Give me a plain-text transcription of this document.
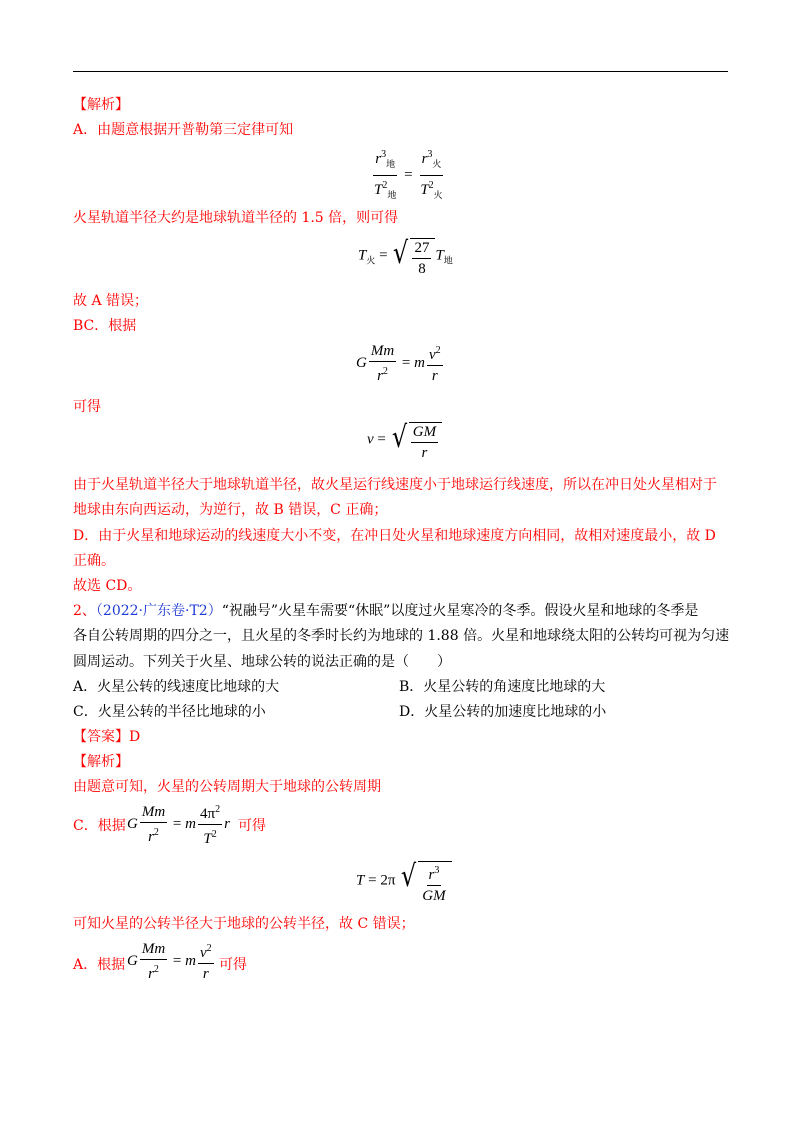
【解析】
A．由题意根据开普勒第三定律可知
$\frac{r^3_地}{T^2_地} = \frac{r^3_火}{T^2_火}$
火星轨道半径大约是地球轨道半径的 1.5 倍，则可得
$T_火$ = √ $\frac{27}{8} T_地$
故 A 错误；
BC．根据
G $\frac{Mm}{r^2} = m \frac{v^2}{r}$
可得
v = √ $\frac{GM}{r}$
由于火星轨道半径大于地球轨道半径，故火星运行线速度小于地球运行线速度，所以在冲日处火星相对于
地球由东向西运动，为逆行，故 B 错误，C 正确；
D．由于火星和地球运动的线速度大小不变，在冲日处火星和地球速度方向相同，故相对速度最小，故 D
正确。
故选 CD。
2、（2022·广东卷·T2）“祝融号”火星车需要“休眠”以度过火星寒冷的冬季。假设火星和地球的冬季是
各自公转周期的四分之一，且火星的冬季时长约为地球的 1.88 倍。火星和地球绕太阳的公转均可视为匀速
圆周运动。下列关于火星、地球公转的说法正确的是（　　）
A．火星公转的线速度比地球的大	B．火星公转的角速度比地球的大
C．火星公转的半径比地球的小	D．火星公转的加速度比地球的小
【答案】D
【解析】
由题意可知，火星的公转周期大于地球的公转周期
C．根据 G $\frac{Mm}{r^2} = m \frac{4\pi^2}{T^2}$ r 可得
T = 2π √ $\frac{r^3}{GM}$
可知火星的公转半径大于地球的公转半径，故 C 错误；
A．根据 G $\frac{Mm}{r^2} = m \frac{v^2}{r}$ 可得
